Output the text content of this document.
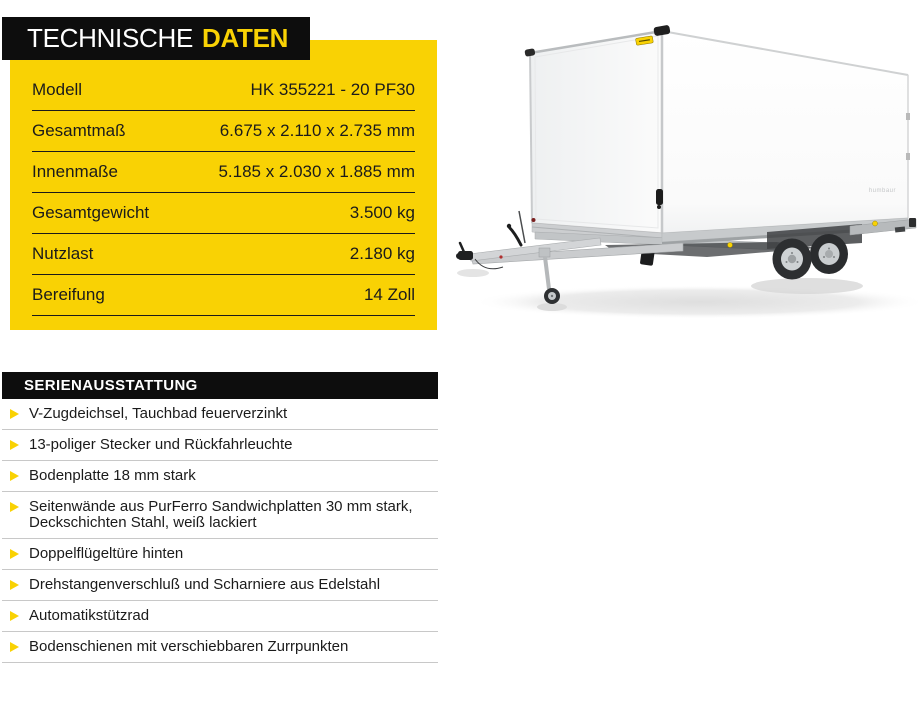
TECHNISCHE DATEN
Modell	HK 355221 - 20 PF30
Gesamtmaß	6.675 x 2.110 x 2.735 mm
Innenmaße	5.185 x 2.030 x 1.885 mm
Gesamtgewicht	3.500 kg
Nutzlast	2.180 kg
Bereifung	14 Zoll
SERIENAUSSTATTUNG
V-Zugdeichsel, Tauchbad feuerverzinkt
13-poliger Stecker und Rückfahrleuchte
Bodenplatte 18 mm stark
Seitenwände aus PurFerro Sandwichplatten 30 mm stark,
Deckschichten Stahl, weiß lackiert
Doppelflügeltüre hinten
Drehstangenverschluß und Scharniere aus Edelstahl
Automatikstützrad
Bodenschienen mit verschiebbaren Zurrpunkten
humbaur
